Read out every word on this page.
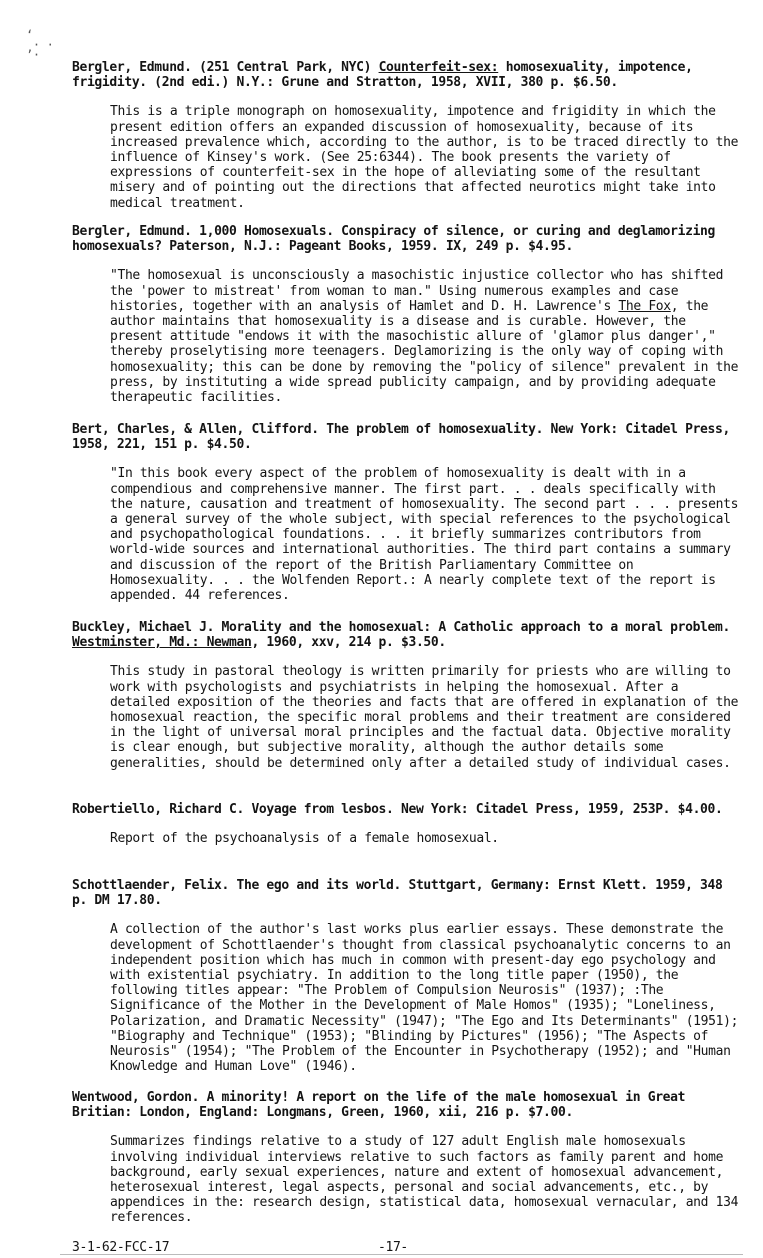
‘
· ·
’·

Bergler, Edmund. (251 Central Park, NYC) Counterfeit-sex: homosexuality, impotence, frigidity. (2nd edi.) N.Y.: Grune and Stratton, 1958, XVII, 380 p. $6.50.

This is a triple monograph on homosexuality, impotence and frigidity in which the present edition offers an expanded discussion of homosexuality, because of its increased prevalence which, according to the author, is to be traced directly to the influence of Kinsey's work. (See 25:6344). The book presents the variety of expressions of counterfeit-sex in the hope of alleviating some of the resultant misery and of pointing out the directions that affected neurotics might take into medical treatment.

Bergler, Edmund. 1,000 Homosexuals. Conspiracy of silence, or curing and deglamorizing homosexuals? Paterson, N.J.: Pageant Books, 1959. IX, 249 p. $4.95.

"The homosexual is unconsciously a masochistic injustice collector who has shifted the 'power to mistreat' from woman to man." Using numerous examples and case histories, together with an analysis of Hamlet and D. H. Lawrence's The Fox, the author maintains that homosexuality is a disease and is curable. However, the present attitude "endows it with the masochistic allure of 'glamor plus danger'," thereby proselytising more teenagers. Deglamorizing is the only way of coping with homosexuality; this can be done by removing the "policy of silence" prevalent in the press, by instituting a wide spread publicity campaign, and by providing adequate therapeutic facilities.

Bert, Charles, & Allen, Clifford. The problem of homosexuality. New York: Citadel Press, 1958, 221, 151 p. $4.50.

"In this book every aspect of the problem of homosexuality is dealt with in a compendious and comprehensive manner. The first part. . . deals specifically with the nature, causation and treatment of homosexuality. The second part . . . presents a general survey of the whole subject, with special references to the psychological and psychopathological foundations. . . it briefly summarizes contributors from world-wide sources and international authorities. The third part contains a summary and discussion of the report of the British Parliamentary Committee on Homosexuality. . . the Wolfenden Report.: A nearly complete text of the report is appended. 44 references.

Buckley, Michael J. Morality and the homosexual: A Catholic approach to a moral problem. Westminster, Md.: Newman, 1960, xxv, 214 p. $3.50.

This study in pastoral theology is written primarily for priests who are willing to work with psychologists and psychiatrists in helping the homosexual. After a detailed exposition of the theories and facts that are offered in explanation of the homosexual reaction, the specific moral problems and their treatment are considered in the light of universal moral principles and the factual data. Objective morality is clear enough, but subjective morality, although the author details some generalities, should be determined only after a detailed study of individual cases.

Robertiello, Richard C. Voyage from lesbos. New York: Citadel Press, 1959, 253P. $4.00.

Report of the psychoanalysis of a female homosexual.

Schottlaender, Felix. The ego and its world. Stuttgart, Germany: Ernst Klett. 1959, 348 p. DM 17.80.

A collection of the author's last works plus earlier essays. These demonstrate the development of Schottlaender's thought from classical psychoanalytic concerns to an independent position which has much in common with present-day ego psychology and with existential psychiatry. In addition to the long title paper (1950), the following titles appear: "The Problem of Compulsion Neurosis" (1937); :The Significance of the Mother in the Development of Male Homos" (1935); "Loneliness, Polarization, and Dramatic Necessity" (1947); "The Ego and Its Determinants" (1951); "Biography and Technique" (1953); "Blinding by Pictures" (1956); "The Aspects of Neurosis" (1954); "The Problem of the Encounter in Psychotherapy (1952); and "Human Knowledge and Human Love" (1946).

Wentwood, Gordon. A minority! A report on the life of the male homosexual in Great Britian: London, England: Longmans, Green, 1960, xii, 216 p. $7.00.

Summarizes findings relative to a study of 127 adult English male homosexuals involving individual interviews relative to such factors as family parent and home background, early sexual experiences, nature and extent of homosexual advancement, heterosexual interest, legal aspects, personal and social advancements, etc., by appendices in the: research design, statistical data, homosexual vernacular, and 134 references.

3-1-62-FCC-17	-17-
